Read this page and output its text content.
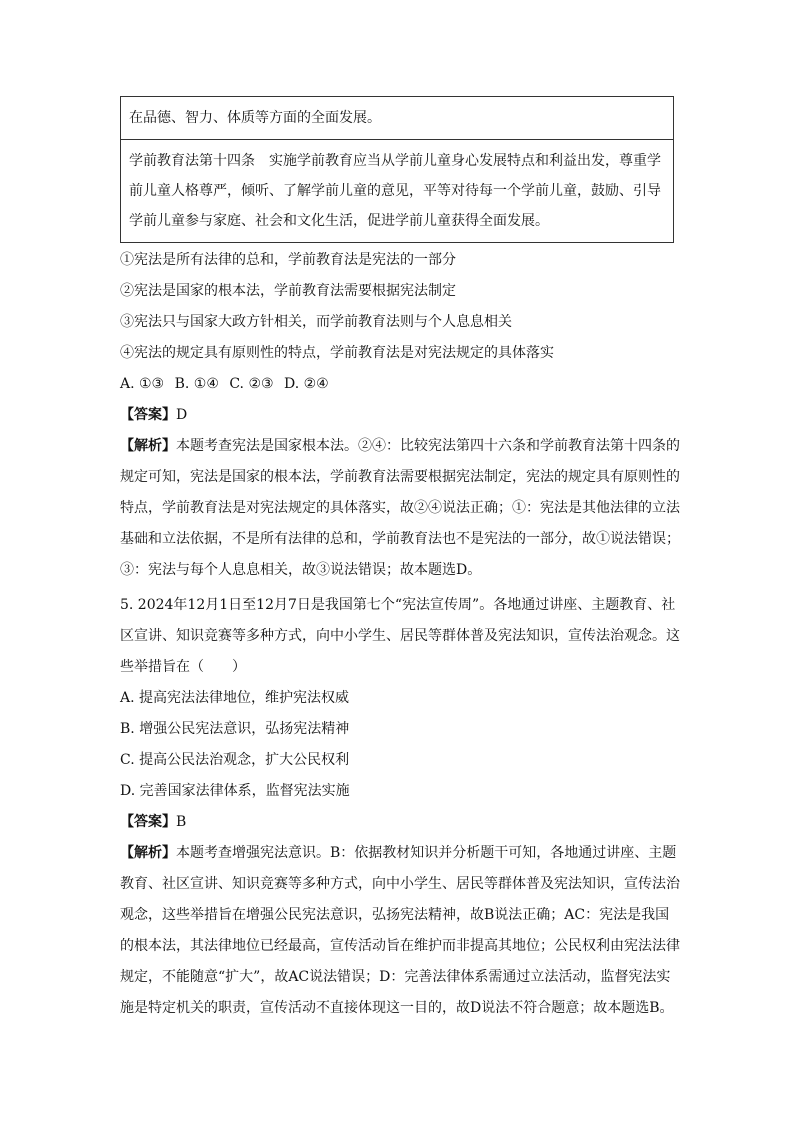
在品德、智力、体质等方面的全面发展。
学前教育法第十四条 实施学前教育应当从学前儿童身心发展特点和利益出发，尊重学前儿童人格尊严，倾听、了解学前儿童的意见，平等对待每一个学前儿童，鼓励、引导学前儿童参与家庭、社会和文化生活，促进学前儿童获得全面发展。
①宪法是所有法律的总和，学前教育法是宪法的一部分
②宪法是国家的根本法，学前教育法需要根据宪法制定
③宪法只与国家大政方针相关，而学前教育法则与个人息息相关
④宪法的规定具有原则性的特点，学前教育法是对宪法规定的具体落实
A. ①③ B. ①④ C. ②③ D. ②④
【答案】D
【解析】本题考查宪法是国家根本法。②④：比较宪法第四十六条和学前教育法第十四条的规定可知，宪法是国家的根本法，学前教育法需要根据宪法制定，宪法的规定具有原则性的特点，学前教育法是对宪法规定的具体落实，故②④说法正确；①：宪法是其他法律的立法基础和立法依据，不是所有法律的总和，学前教育法也不是宪法的一部分，故①说法错误；③：宪法与每个人息息相关，故③说法错误；故本题选D。
5. 2024年12月1日至12月7日是我国第七个“宪法宣传周”。各地通过讲座、主题教育、社区宣讲、知识竞赛等多种方式，向中小学生、居民等群体普及宪法知识，宣传法治观念。这些举措旨在（　　）
A. 提高宪法法律地位，维护宪法权威
B. 增强公民宪法意识，弘扬宪法精神
C. 提高公民法治观念，扩大公民权利
D. 完善国家法律体系，监督宪法实施
【答案】B
【解析】本题考查增强宪法意识。B：依据教材知识并分析题干可知，各地通过讲座、主题教育、社区宣讲、知识竞赛等多种方式，向中小学生、居民等群体普及宪法知识，宣传法治观念，这些举措旨在增强公民宪法意识，弘扬宪法精神，故B说法正确；AC：宪法是我国的根本法，其法律地位已经最高，宣传活动旨在维护而非提高其地位；公民权利由宪法法律规定，不能随意“扩大”，故AC说法错误；D：完善法律体系需通过立法活动，监督宪法实施是特定机关的职责，宣传活动不直接体现这一目的，故D说法不符合题意；故本题选B。
